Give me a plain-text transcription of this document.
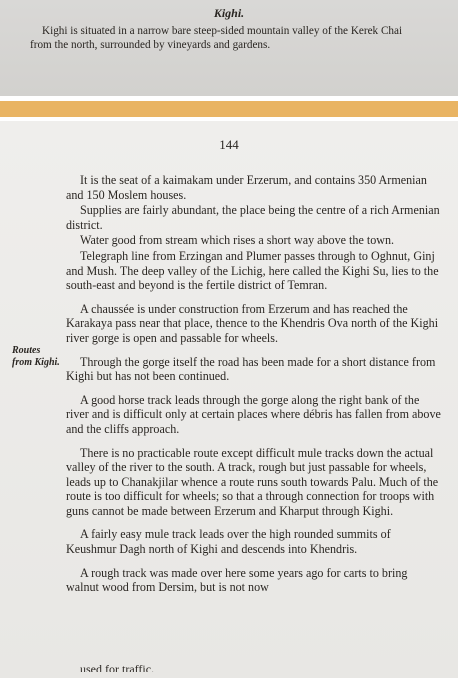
Kighi.
Kighi is situated in a narrow bare steep-sided mountain valley of the Kerek Chai from the north, surrounded by vineyards and gardens.
144
Routes from Kighi.

It is the seat of a kaimakam under Erzerum, and contains 350 Armenian and 150 Moslem houses.

Supplies are fairly abundant, the place being the centre of a rich Armenian district.

Water good from stream which rises a short way above the town.

Telegraph line from Erzingan and Plumer passes through to Oghnut, Ginj and Mush. The deep valley of the Lichig, here called the Kighi Su, lies to the south-east and beyond is the fertile district of Temran.

A chaussée is under construction from Erzerum and has reached the Karakaya pass near that place, thence to the Khendris Ova north of the Kighi river gorge is open and passable for wheels.

Through the gorge itself the road has been made for a short distance from Kighi but has not been continued.

A good horse track leads through the gorge along the right bank of the river and is difficult only at certain places where débris has fallen from above and the cliffs approach.

There is no practicable route except difficult mule tracks down the actual valley of the river to the south. A track, rough but just passable for wheels, leads up to Chanakjilar whence a route runs south towards Palu. Much of the route is too difficult for wheels; so that a through connection for troops with guns cannot be made between Erzerum and Kharput through Kighi.

A fairly easy mule track leads over the high rounded summits of Keushmur Dagh north of Kighi and descends into Khendris.

A rough track was made over here some years ago for carts to bring walnut wood from Dersim, but is not now

used for traffic.
